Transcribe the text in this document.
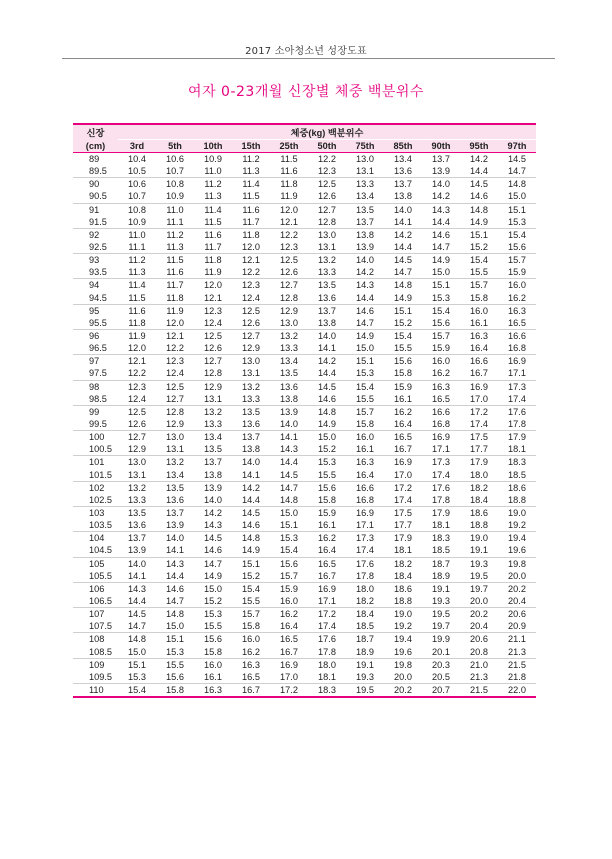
2017 소아청소년 성장도표
여자 0-23개월 신장별 체중 백분위수
신장	체중(kg) 백분위수										
(cm)	3rd	5th	10th	15th	25th	50th	75th	85th	90th	95th	97th
89	10.4	10.6	10.9	11.2	11.5	12.2	13.0	13.4	13.7	14.2	14.5
89.5	10.5	10.7	11.0	11.3	11.6	12.3	13.1	13.6	13.9	14.4	14.7
90	10.6	10.8	11.2	11.4	11.8	12.5	13.3	13.7	14.0	14.5	14.8
90.5	10.7	10.9	11.3	11.5	11.9	12.6	13.4	13.8	14.2	14.6	15.0
91	10.8	11.0	11.4	11.6	12.0	12.7	13.5	14.0	14.3	14.8	15.1
91.5	10.9	11.1	11.5	11.7	12.1	12.8	13.7	14.1	14.4	14.9	15.3
92	11.0	11.2	11.6	11.8	12.2	13.0	13.8	14.2	14.6	15.1	15.4
92.5	11.1	11.3	11.7	12.0	12.3	13.1	13.9	14.4	14.7	15.2	15.6
93	11.2	11.5	11.8	12.1	12.5	13.2	14.0	14.5	14.9	15.4	15.7
93.5	11.3	11.6	11.9	12.2	12.6	13.3	14.2	14.7	15.0	15.5	15.9
94	11.4	11.7	12.0	12.3	12.7	13.5	14.3	14.8	15.1	15.7	16.0
94.5	11.5	11.8	12.1	12.4	12.8	13.6	14.4	14.9	15.3	15.8	16.2
95	11.6	11.9	12.3	12.5	12.9	13.7	14.6	15.1	15.4	16.0	16.3
95.5	11.8	12.0	12.4	12.6	13.0	13.8	14.7	15.2	15.6	16.1	16.5
96	11.9	12.1	12.5	12.7	13.2	14.0	14.9	15.4	15.7	16.3	16.6
96.5	12.0	12.2	12.6	12.9	13.3	14.1	15.0	15.5	15.9	16.4	16.8
97	12.1	12.3	12.7	13.0	13.4	14.2	15.1	15.6	16.0	16.6	16.9
97.5	12.2	12.4	12.8	13.1	13.5	14.4	15.3	15.8	16.2	16.7	17.1
98	12.3	12.5	12.9	13.2	13.6	14.5	15.4	15.9	16.3	16.9	17.3
98.5	12.4	12.7	13.1	13.3	13.8	14.6	15.5	16.1	16.5	17.0	17.4
99	12.5	12.8	13.2	13.5	13.9	14.8	15.7	16.2	16.6	17.2	17.6
99.5	12.6	12.9	13.3	13.6	14.0	14.9	15.8	16.4	16.8	17.4	17.8
100	12.7	13.0	13.4	13.7	14.1	15.0	16.0	16.5	16.9	17.5	17.9
100.5	12.9	13.1	13.5	13.8	14.3	15.2	16.1	16.7	17.1	17.7	18.1
101	13.0	13.2	13.7	14.0	14.4	15.3	16.3	16.9	17.3	17.9	18.3
101.5	13.1	13.4	13.8	14.1	14.5	15.5	16.4	17.0	17.4	18.0	18.5
102	13.2	13.5	13.9	14.2	14.7	15.6	16.6	17.2	17.6	18.2	18.6
102.5	13.3	13.6	14.0	14.4	14.8	15.8	16.8	17.4	17.8	18.4	18.8
103	13.5	13.7	14.2	14.5	15.0	15.9	16.9	17.5	17.9	18.6	19.0
103.5	13.6	13.9	14.3	14.6	15.1	16.1	17.1	17.7	18.1	18.8	19.2
104	13.7	14.0	14.5	14.8	15.3	16.2	17.3	17.9	18.3	19.0	19.4
104.5	13.9	14.1	14.6	14.9	15.4	16.4	17.4	18.1	18.5	19.1	19.6
105	14.0	14.3	14.7	15.1	15.6	16.5	17.6	18.2	18.7	19.3	19.8
105.5	14.1	14.4	14.9	15.2	15.7	16.7	17.8	18.4	18.9	19.5	20.0
106	14.3	14.6	15.0	15.4	15.9	16.9	18.0	18.6	19.1	19.7	20.2
106.5	14.4	14.7	15.2	15.5	16.0	17.1	18.2	18.8	19.3	20.0	20.4
107	14.5	14.8	15.3	15.7	16.2	17.2	18.4	19.0	19.5	20.2	20.6
107.5	14.7	15.0	15.5	15.8	16.4	17.4	18.5	19.2	19.7	20.4	20.9
108	14.8	15.1	15.6	16.0	16.5	17.6	18.7	19.4	19.9	20.6	21.1
108.5	15.0	15.3	15.8	16.2	16.7	17.8	18.9	19.6	20.1	20.8	21.3
109	15.1	15.5	16.0	16.3	16.9	18.0	19.1	19.8	20.3	21.0	21.5
109.5	15.3	15.6	16.1	16.5	17.0	18.1	19.3	20.0	20.5	21.3	21.8
110	15.4	15.8	16.3	16.7	17.2	18.3	19.5	20.2	20.7	21.5	22.0
